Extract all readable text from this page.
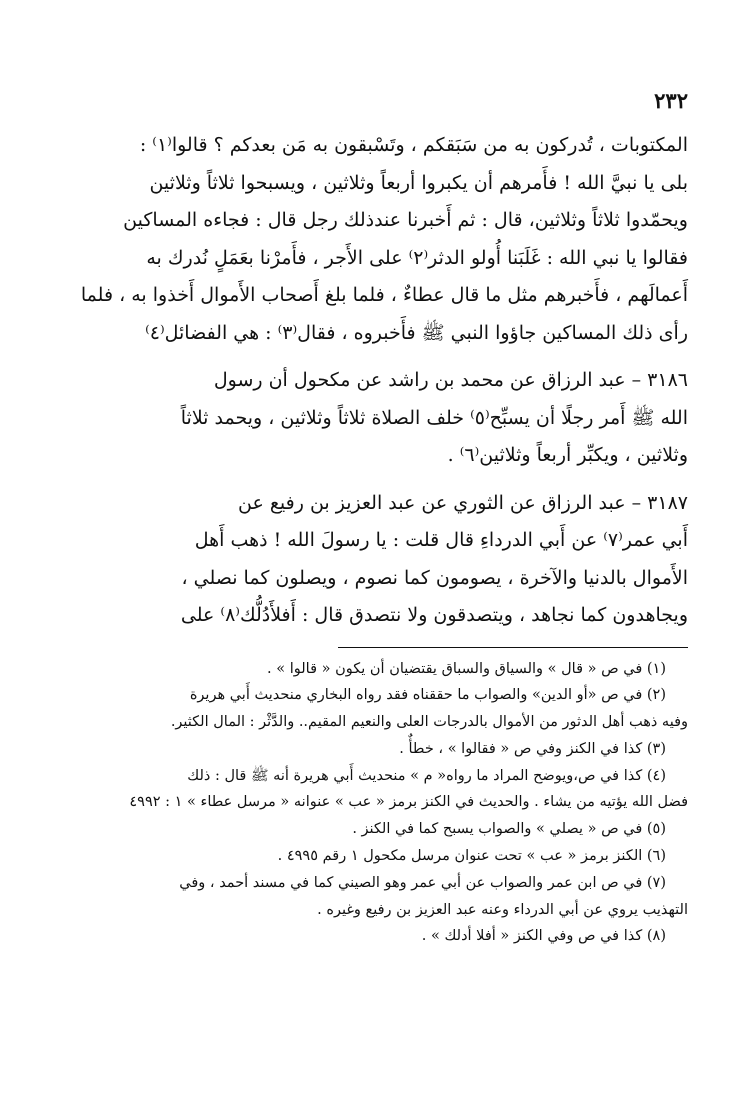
٢٣٢

المكتوبات ، تُدركون به من سَبَقكم ، وتَسْبقون به مَن بعدكم ؟ قالوا⁽١⁾ :
بلى يا نبيَّ الله ! فأَمرهم أن يكبروا أربعاً وثلاثين ، ويسبحوا ثلاثاً وثلاثين
ويحمّدوا ثلاثاً وثلاثين، قال : ثم أَخبرنا عندذلك رجل قال : فجاءه المساكين
فقالوا يا نبي الله : غَلَبَنا أُولو الدثر⁽٢⁾ على الأَجر ، فأَمرْنا بعَمَلٍ نُدرك به
أَعمالَهم ، فأَخبرهم مثل ما قال عطاءٌ ، فلما بلغ أَصحاب الأَموال أَخذوا به ، فلما
رأى ذلك المساكين جاؤوا النبي ﷺ فأَخبروه ، فقال⁽٣⁾ : هي الفضائل⁽٤⁾

٣١٨٦ – عبد الرزاق عن محمد بن راشد عن مكحول أن رسول
الله ﷺ أَمر رجلًا أن يسبِّح⁽٥⁾ خلف الصلاة ثلاثاً وثلاثين ، ويحمد ثلاثاً
وثلاثين ، ويكبِّر أربعاً وثلاثين⁽٦⁾ .

٣١٨٧ – عبد الرزاق عن الثوري عن عبد العزيز بن رفيع عن
أَبي عمر⁽٧⁾ عن أَبي الدرداءِ قال قلت : يا رسولَ الله ! ذهب أَهل
الأَموال بالدنيا والآخرة ، يصومون كما نصوم ، ويصلون كما نصلي ،
ويجاهدون كما نجاهد ، ويتصدقون ولا نتصدق قال : أَفلأَدُلُّك⁽٨⁾ على

(١) في ص « قال » والسياق والسباق يقتضيان أن يكون « قالوا » .

(٢) في ص «أو الدين» والصواب ما حققناه فقد رواه البخاري منحديث أَبي هريرة
وفيه ذهب أهل الدثور من الأموال بالدرجات العلى والنعيم المقيم.. والدَّثْر : المال الكثير.

(٣) كذا في الكنز وفي ص « فقالوا » ، خطأٌ .

(٤) كذا في ص،ويوضح المراد ما رواه« م » منحديث أَبي هريرة أنه ﷺ قال : ذلك
فضل الله يؤتيه من يشاء . والحديث في الكنز برمز « عب » عنوانه « مرسل عطاء » ١ : ٤٩٩٢

(٥) في ص « يصلي » والصواب يسبح كما في الكنز .

(٦) الكنز برمز « عب » تحت عنوان مرسل مكحول ١ رقم ٤٩٩٥ .

(٧) في ص ابن عمر والصواب عن أبي عمر وهو الصيني كما في مسند أحمد ، وفي
التهذيب يروي عن أبي الدرداء وعنه عبد العزيز بن رفيع وغيره .

(٨) كذا في ص وفي الكنز « أفلا أدلك » .
